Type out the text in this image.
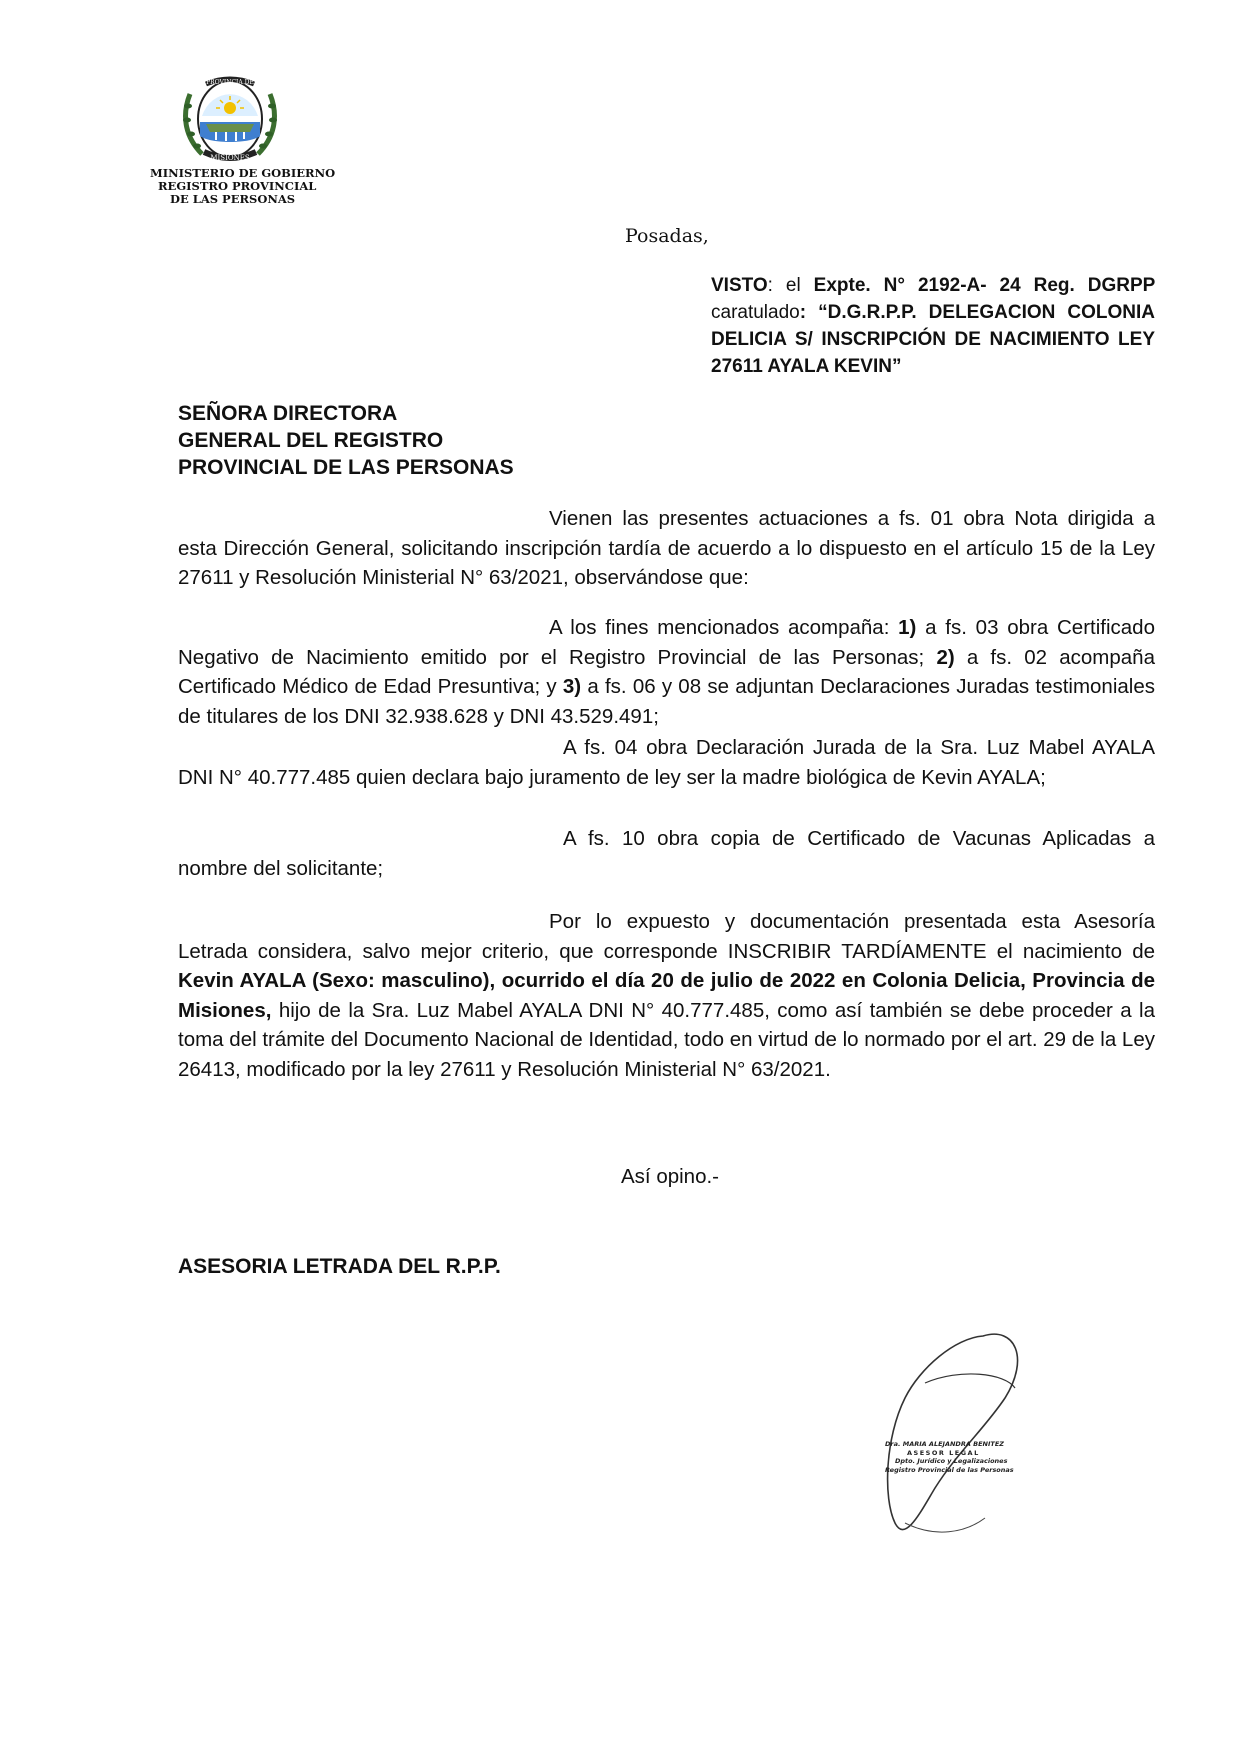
PROVINCIA DE
MISIONES
MINISTERIO DE GOBIERNO
REGISTRO PROVINCIAL
DE LAS PERSONAS
Posadas,
VISTO: el Expte. N° 2192-A- 24 Reg. DGRPP caratulado: “D.G.R.P.P. DELEGACION COLONIA DELICIA S/ INSCRIPCIÓN DE NACIMIENTO LEY 27611 AYALA KEVIN”
SEÑORA DIRECTORA
GENERAL DEL REGISTRO
PROVINCIAL DE LAS PERSONAS

Vienen las presentes actuaciones a fs. 01 obra Nota dirigida a esta Dirección General, solicitando inscripción tardía de acuerdo a lo dispuesto en el artículo 15 de la Ley 27611 y Resolución Ministerial N° 63/2021, observándose que:

A los fines mencionados acompaña: 1) a fs. 03 obra Certificado Negativo de Nacimiento emitido por el Registro Provincial de las Personas; 2) a fs. 02 acompaña Certificado Médico de Edad Presuntiva; y 3) a fs. 06 y 08 se adjuntan Declaraciones Juradas testimoniales de titulares de los DNI 32.938.628 y DNI 43.529.491;

A fs. 04 obra Declaración Jurada de la Sra. Luz Mabel AYALA DNI N° 40.777.485 quien declara bajo juramento de ley ser la madre biológica de Kevin AYALA;

A fs. 10 obra copia de Certificado de Vacunas Aplicadas a nombre del solicitante;

Por lo expuesto y documentación presentada esta Asesoría Letrada considera, salvo mejor criterio, que corresponde INSCRIBIR TARDÍAMENTE el nacimiento de Kevin AYALA (Sexo: masculino), ocurrido el día 20 de julio de 2022 en Colonia Delicia, Provincia de Misiones, hijo de la Sra. Luz Mabel AYALA DNI N° 40.777.485, como así también se debe proceder a la toma del trámite del Documento Nacional de Identidad, todo en virtud de lo normado por el art. 29 de la Ley 26413, modificado por la ley 27611 y Resolución Ministerial N° 63/2021.

Así opino.-
ASESORIA LETRADA DEL R.P.P.
Dra. MARIA ALEJANDRA BENITEZ
ASESOR LEGAL
Dpto. Jurídico y Legalizaciones
Registro Provincial de las Personas
